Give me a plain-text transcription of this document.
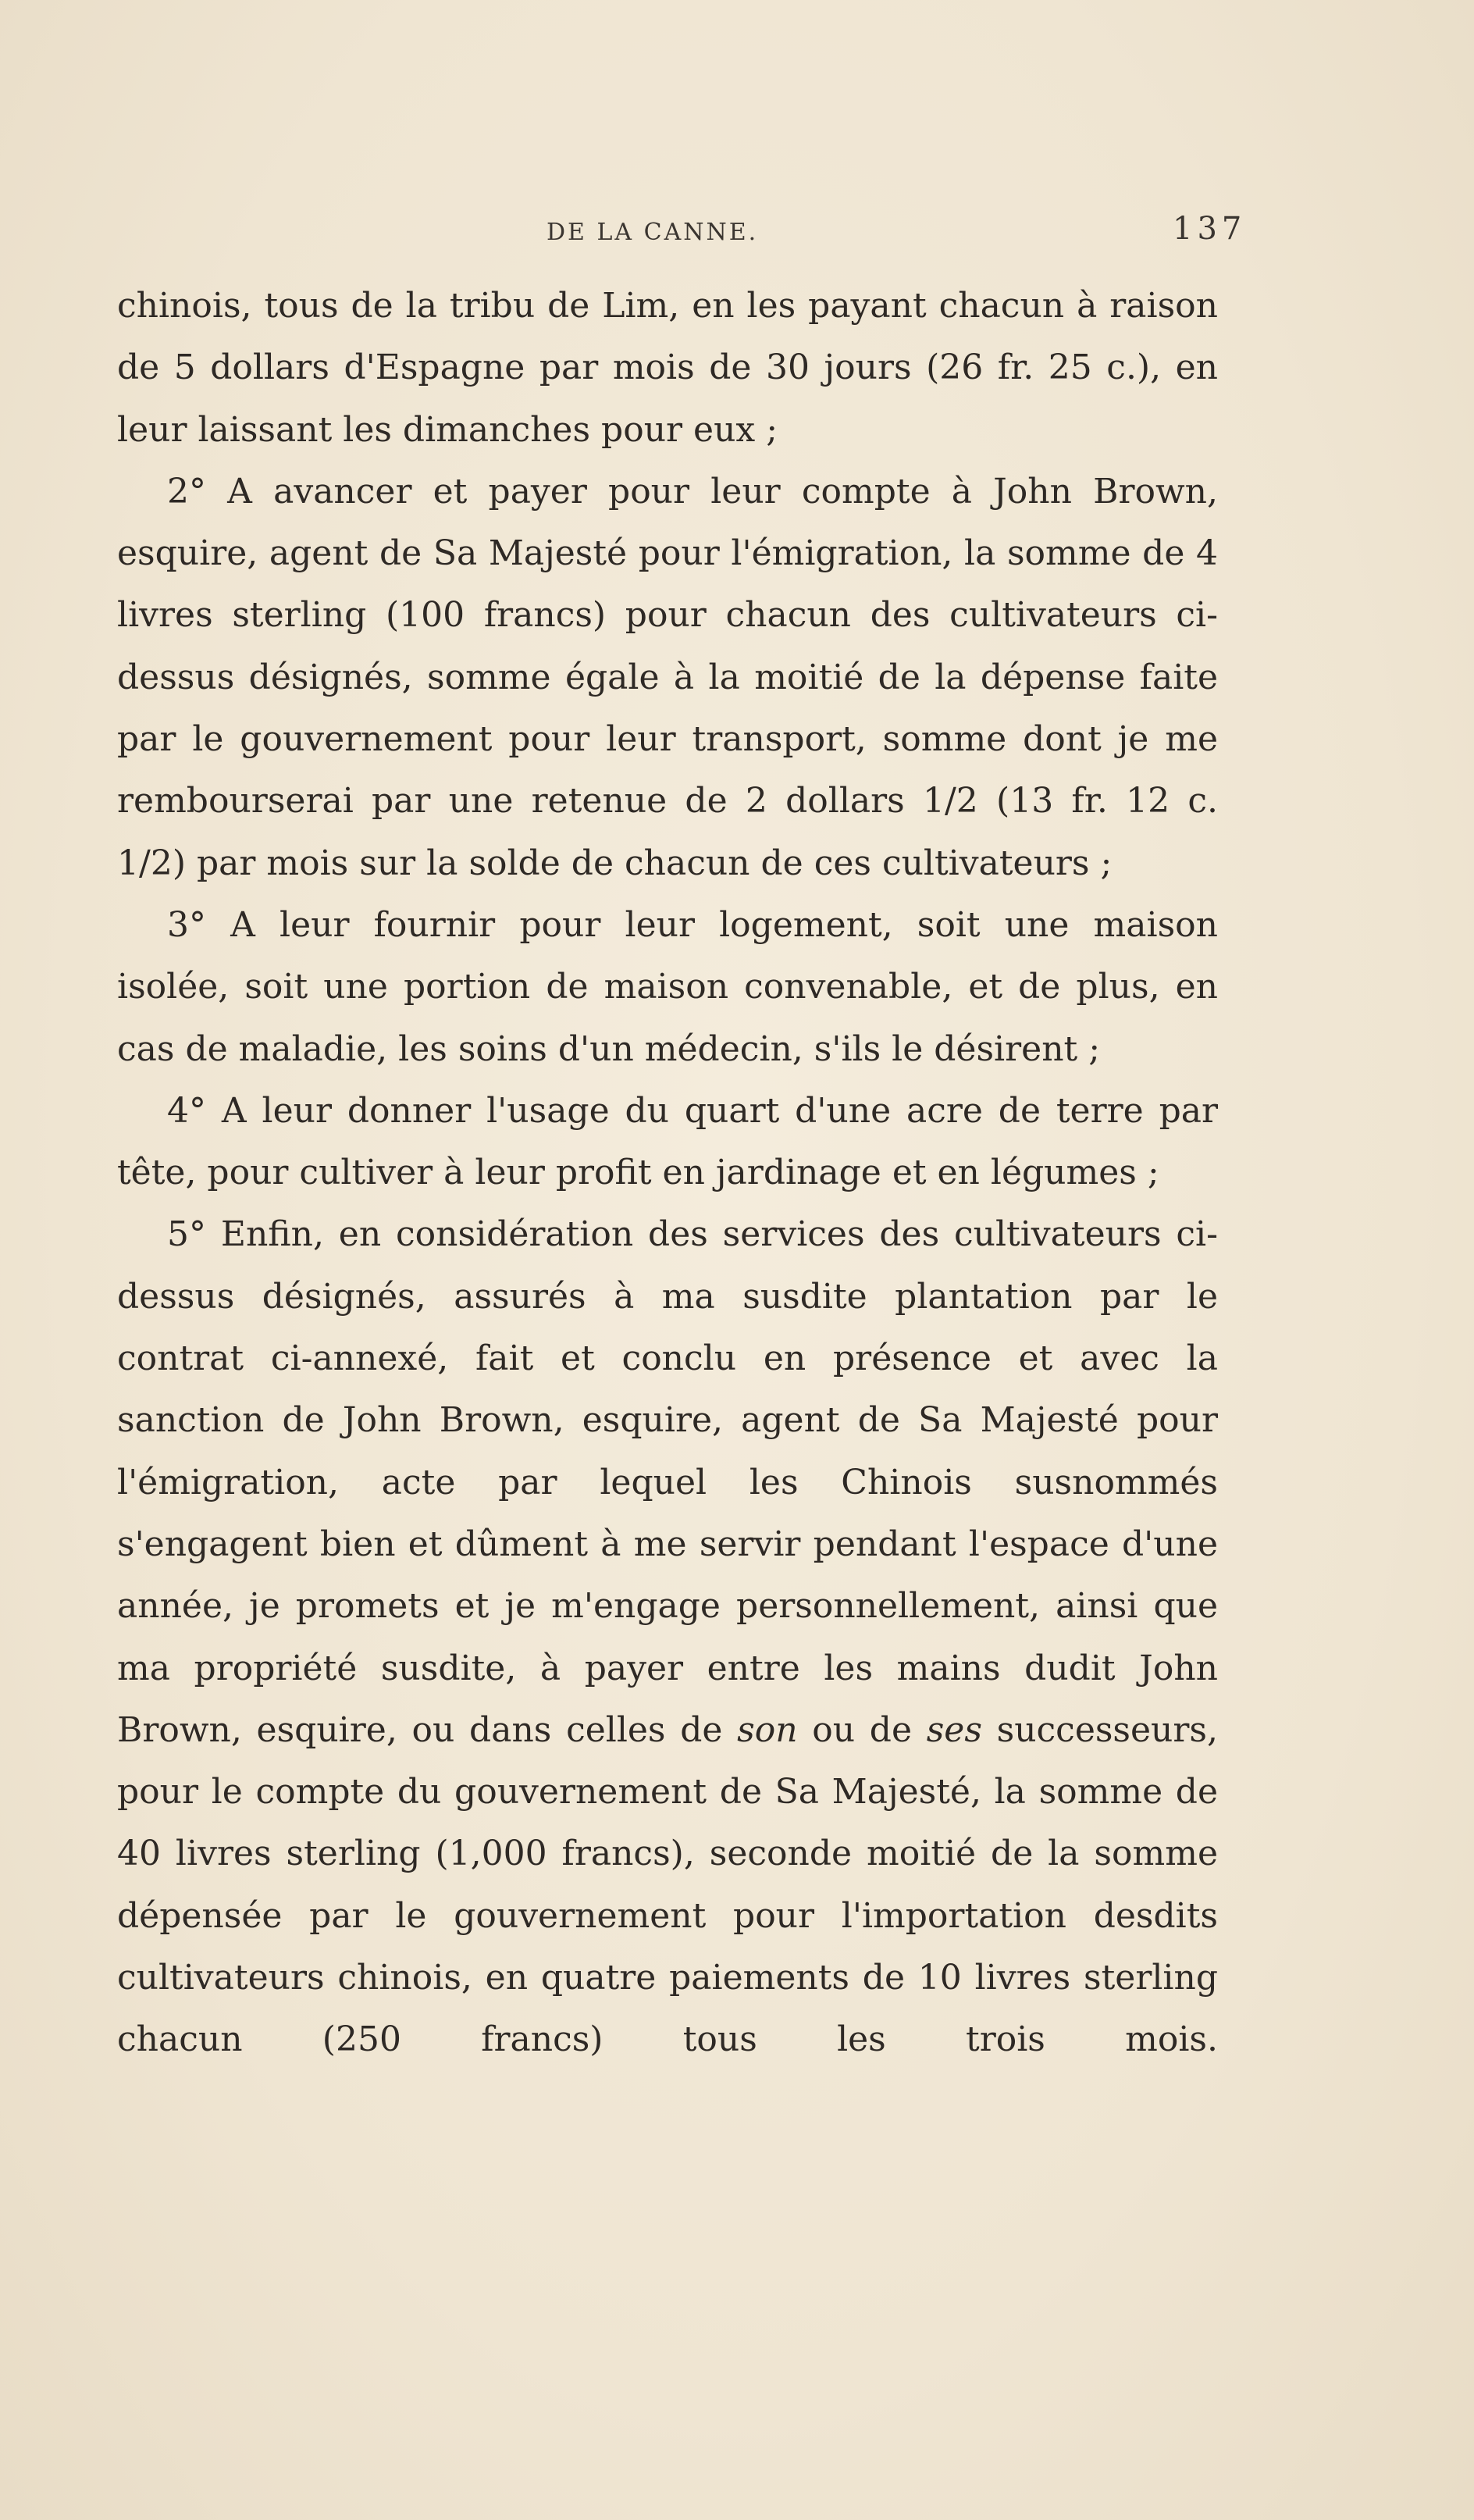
DE LA CANNE.	137

chinois, tous de la tribu de Lim, en les payant chacun à raison de 5 dollars d'Espagne par mois de 30 jours (26 fr. 25 c.), en leur laissant les dimanches pour eux ;

2° A avancer et payer pour leur compte à John Brown, esquire, agent de Sa Majesté pour l'émigration, la somme de 4 livres sterling (100 francs) pour chacun des cultivateurs ci-dessus désignés, somme égale à la moitié de la dépense faite par le gouvernement pour leur transport, somme dont je me rembourserai par une retenue de 2 dollars 1/2 (13 fr. 12 c. 1/2) par mois sur la solde de chacun de ces cultivateurs ;

3° A leur fournir pour leur logement, soit une maison isolée, soit une portion de maison convenable, et de plus, en cas de maladie, les soins d'un médecin, s'ils le désirent ;

4° A leur donner l'usage du quart d'une acre de terre par tête, pour cultiver à leur profit en jardinage et en légumes ;

5° Enfin, en considération des services des cultivateurs ci-dessus désignés, assurés à ma susdite plantation par le contrat ci-annexé, fait et conclu en présence et avec la sanction de John Brown, esquire, agent de Sa Majesté pour l'émigration, acte par lequel les Chinois susnommés s'engagent bien et dûment à me servir pendant l'espace d'une année, je promets et je m'engage personnellement, ainsi que ma propriété susdite, à payer entre les mains dudit John Brown, esquire, ou dans celles de son ou de ses successeurs, pour le compte du gouvernement de Sa Majesté, la somme de 40 livres sterling (1,000 francs), seconde moitié de la somme dépensée par le gouvernement pour l'importation desdits cultivateurs chinois, en quatre paiements de 10 livres sterling chacun (250 francs) tous les trois mois.
